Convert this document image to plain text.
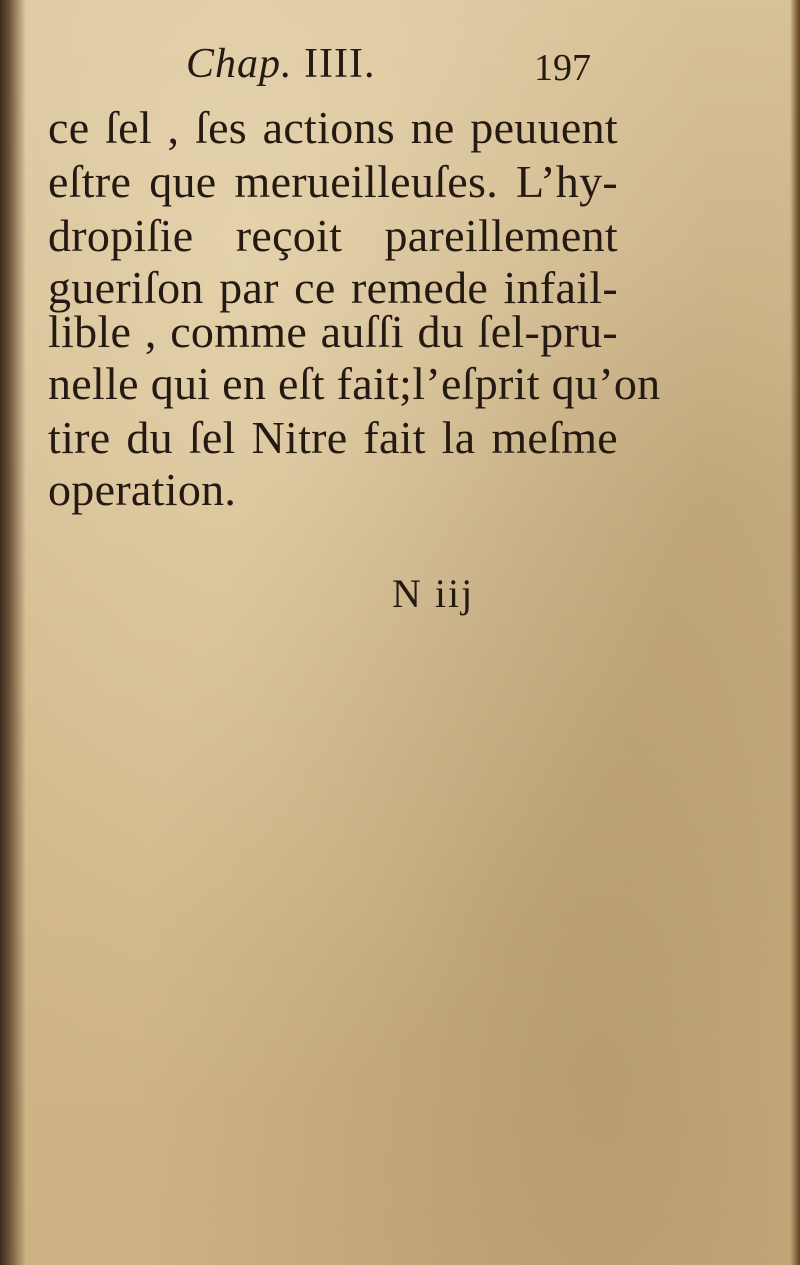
Chap. IIII.	197
ce ſel , ſes actions ne peuuent
eſtre que merueilleuſes. L’hy-
dropiſie reçoit pareillement
gueriſon par ce remede infail-
lible , comme auſſi du ſel-pru-
nelle qui en eſt fait;l’eſprit qu’on
tire du ſel Nitre fait la meſme
operation.
N iij
